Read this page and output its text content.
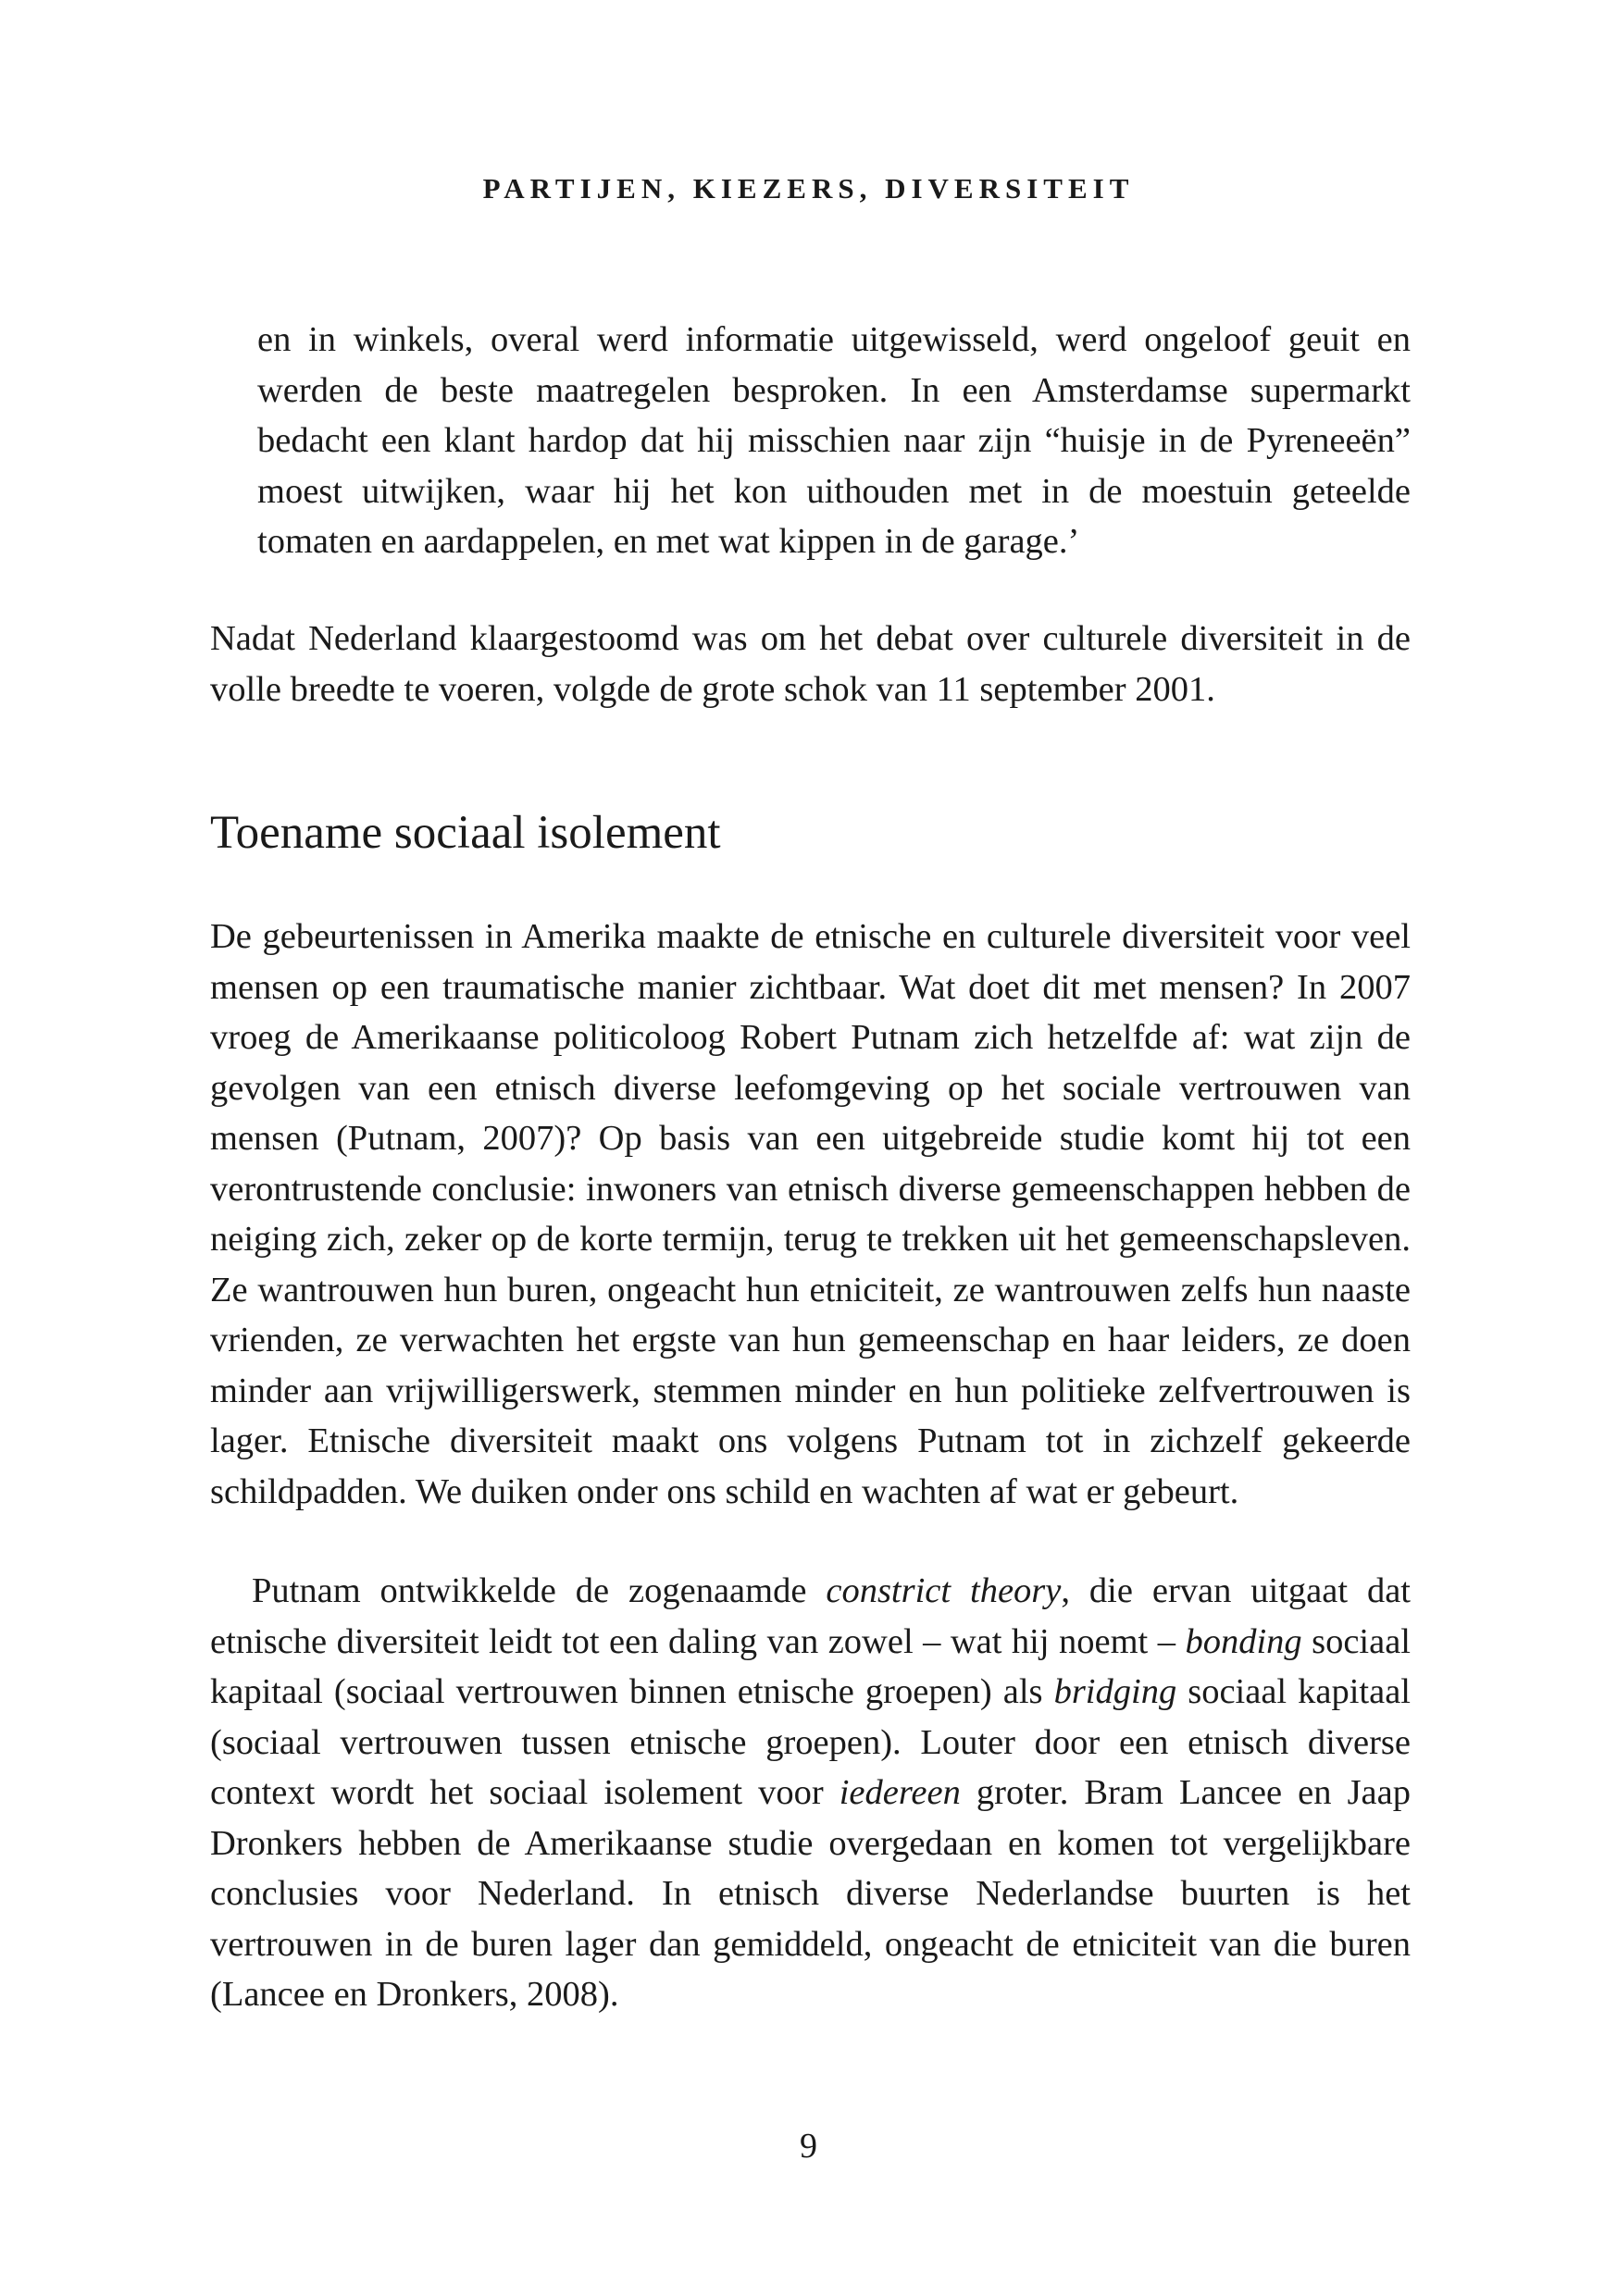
PARTIJEN, KIEZERS, DIVERSITEIT

en in winkels, overal werd informatie uitgewisseld, werd ongeloof geuit en werden de beste maatregelen besproken. In een Amsterdamse supermarkt bedacht een klant hardop dat hij misschien naar zijn “huisje in de Pyreneeën” moest uitwijken, waar hij het kon uithouden met in de moestuin geteelde tomaten en aardappelen, en met wat kippen in de garage.’

Nadat Nederland klaargestoomd was om het debat over culturele diversiteit in de volle breedte te voeren, volgde de grote schok van 11 september 2001.

Toename sociaal isolement

De gebeurtenissen in Amerika maakte de etnische en culturele diversiteit voor veel mensen op een traumatische manier zichtbaar. Wat doet dit met mensen? In 2007 vroeg de Amerikaanse politicoloog Robert Putnam zich hetzelfde af: wat zijn de gevolgen van een etnisch diverse leefomgeving op het sociale vertrouwen van mensen (Putnam, 2007)? Op basis van een uitgebreide studie komt hij tot een verontrustende conclusie: inwoners van etnisch diverse gemeenschappen hebben de neiging zich, zeker op de korte termijn, terug te trekken uit het gemeenschapsleven. Ze wantrouwen hun buren, ongeacht hun etniciteit, ze wantrouwen zelfs hun naaste vrienden, ze verwachten het ergste van hun gemeenschap en haar leiders, ze doen minder aan vrijwilligerswerk, stemmen minder en hun politieke zelfvertrouwen is lager. Etnische diversiteit maakt ons volgens Putnam tot in zichzelf gekeerde schildpadden. We duiken onder ons schild en wachten af wat er gebeurt.

Putnam ontwikkelde de zogenaamde constrict theory, die ervan uitgaat dat etnische diversiteit leidt tot een daling van zowel – wat hij noemt – bonding sociaal kapitaal (sociaal vertrouwen binnen etnische groepen) als bridging sociaal kapitaal (sociaal vertrouwen tussen etnische groepen). Louter door een etnisch diverse context wordt het sociaal isolement voor iedereen groter. Bram Lancee en Jaap Dronkers hebben de Amerikaanse studie overgedaan en komen tot vergelijkbare conclusies voor Nederland. In etnisch diverse Nederlandse buurten is het vertrouwen in de buren lager dan gemiddeld, ongeacht de etniciteit van die buren (Lancee en Dronkers, 2008).

9
